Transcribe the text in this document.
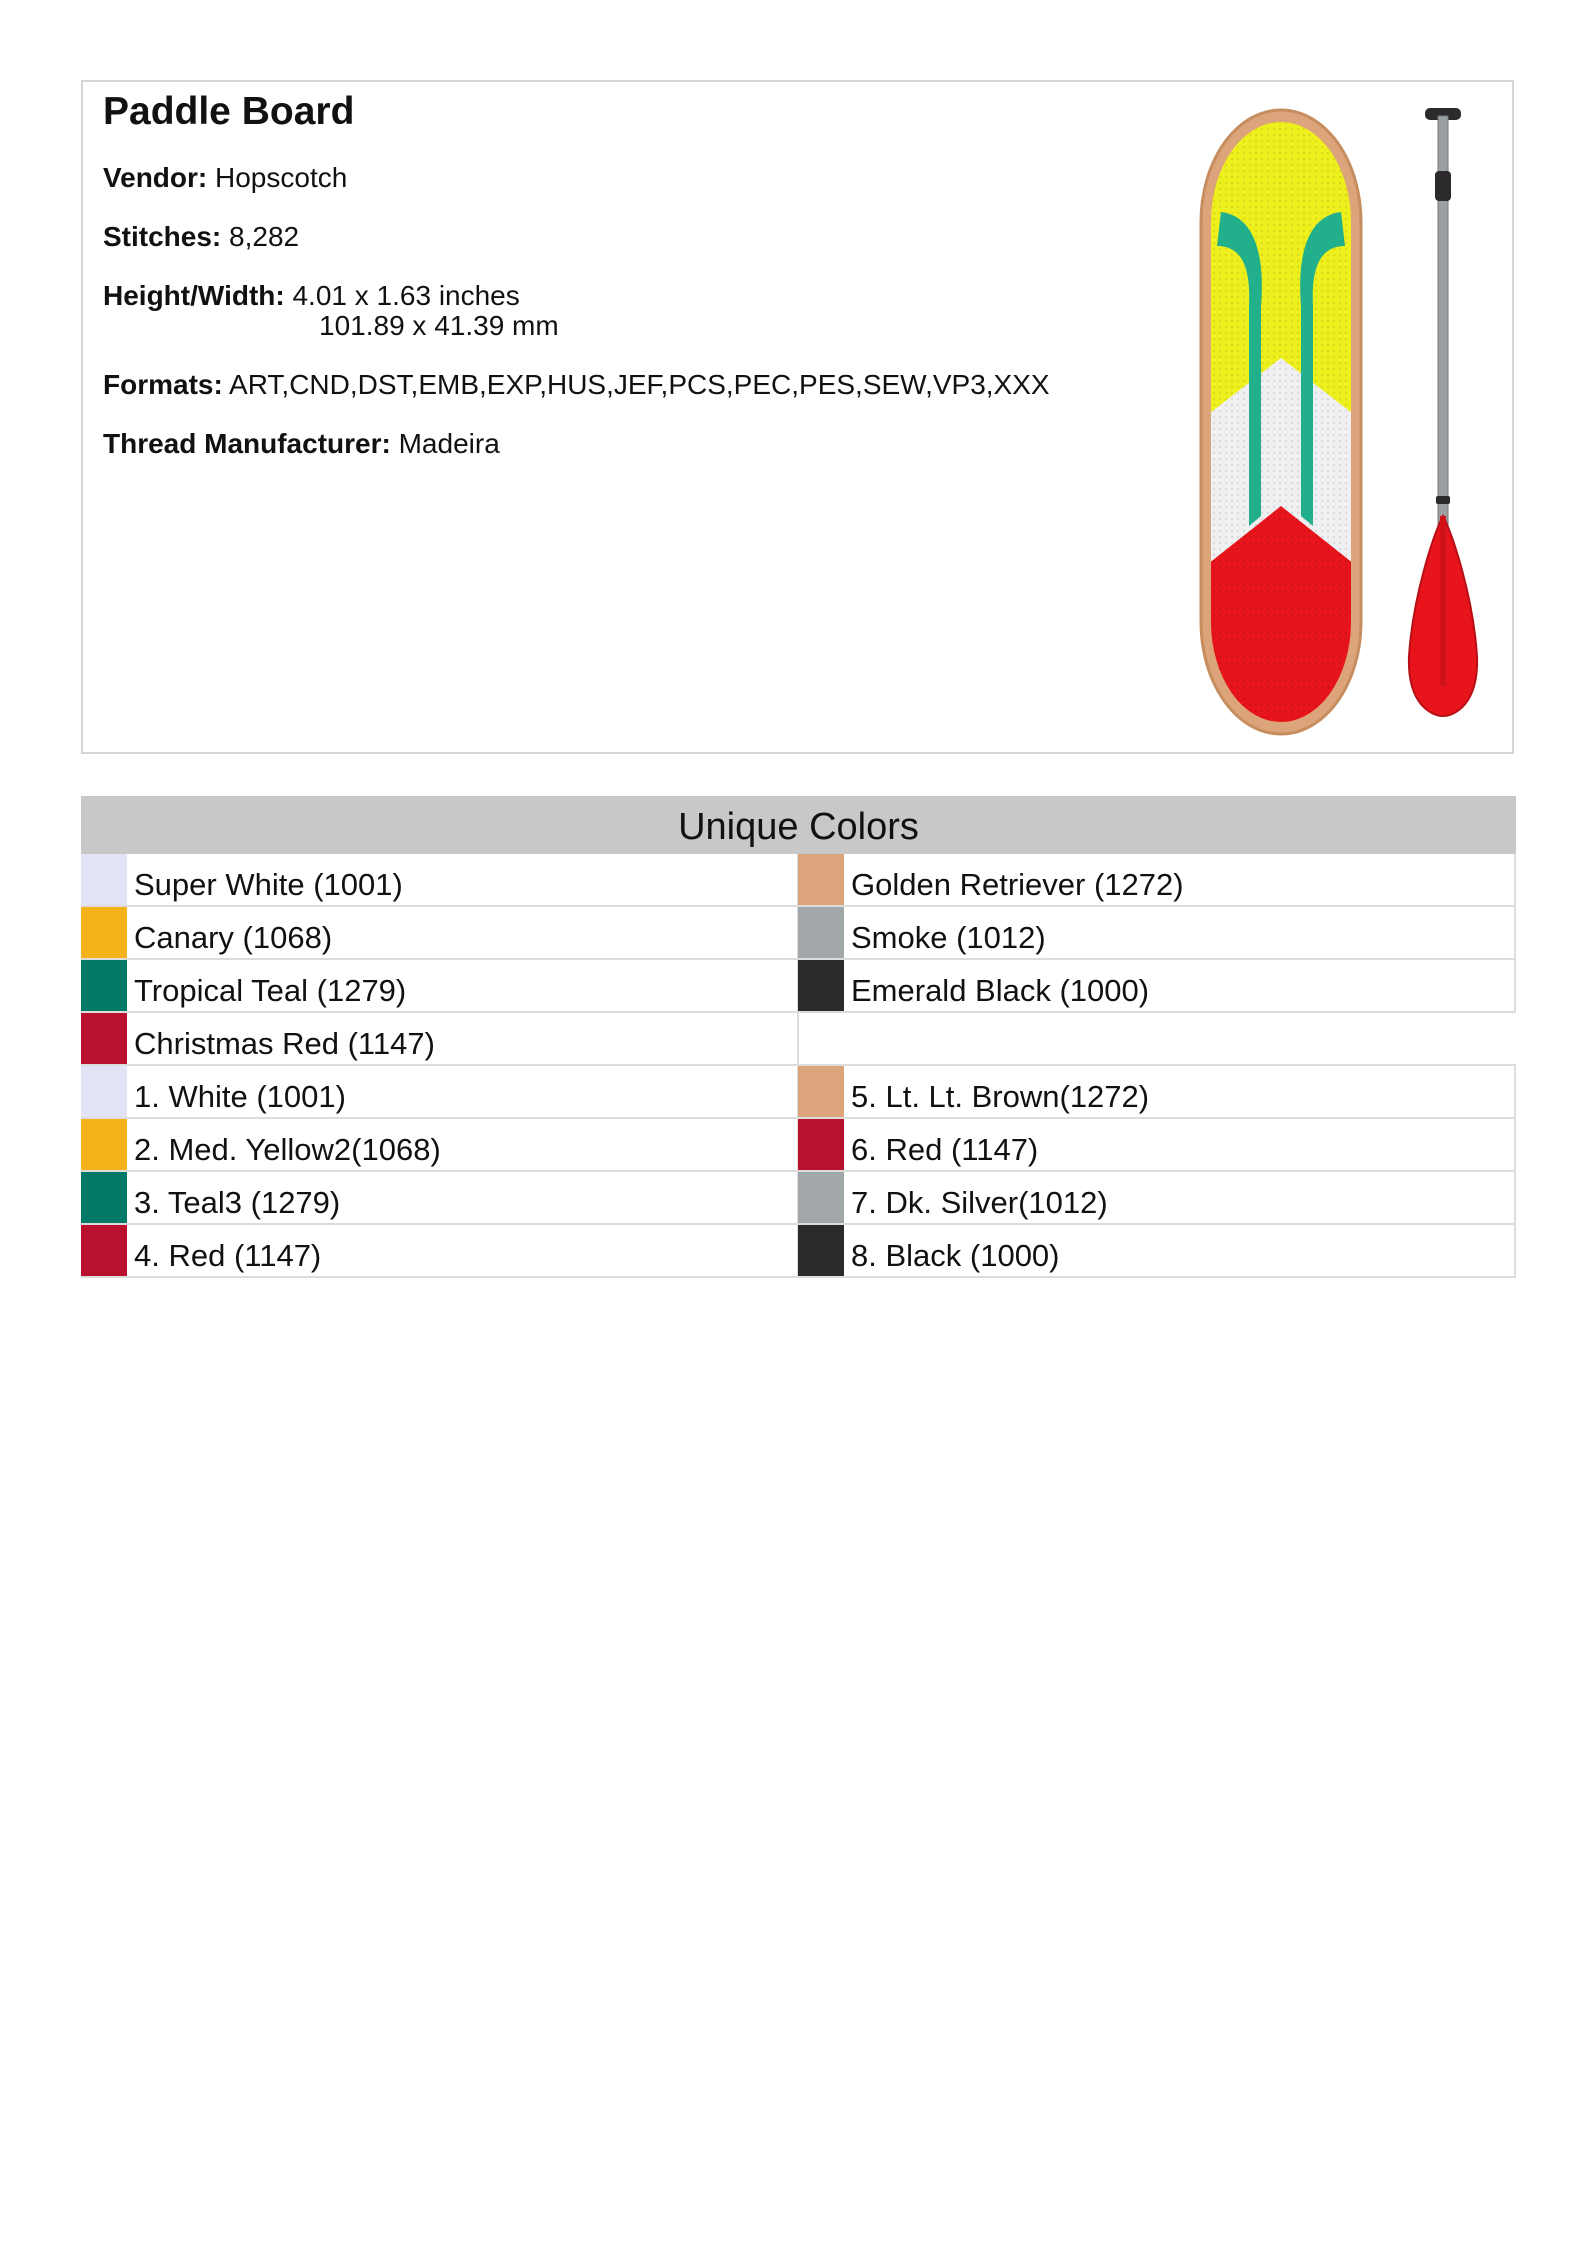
Paddle Board
Vendor: Hopscotch
Stitches: 8,282
Height/Width: 4.01 x 1.63 inches
101.89 x 41.39 mm
Formats: ART,CND,DST,EMB,EXP,HUS,JEF,PCS,PEC,PES,SEW,VP3,XXX
Thread Manufacturer: Madeira
Unique Colors
Super White (1001)
Canary (1068)
Tropical Teal (1279)
Christmas Red (1147)
1. White (1001)
2. Med. Yellow2(1068)
3. Teal3 (1279)
4. Red (1147)
Golden Retriever (1272)
Smoke (1012)
Emerald Black (1000)
5. Lt. Lt. Brown(1272)
6. Red (1147)
7. Dk. Silver(1012)
8. Black (1000)
